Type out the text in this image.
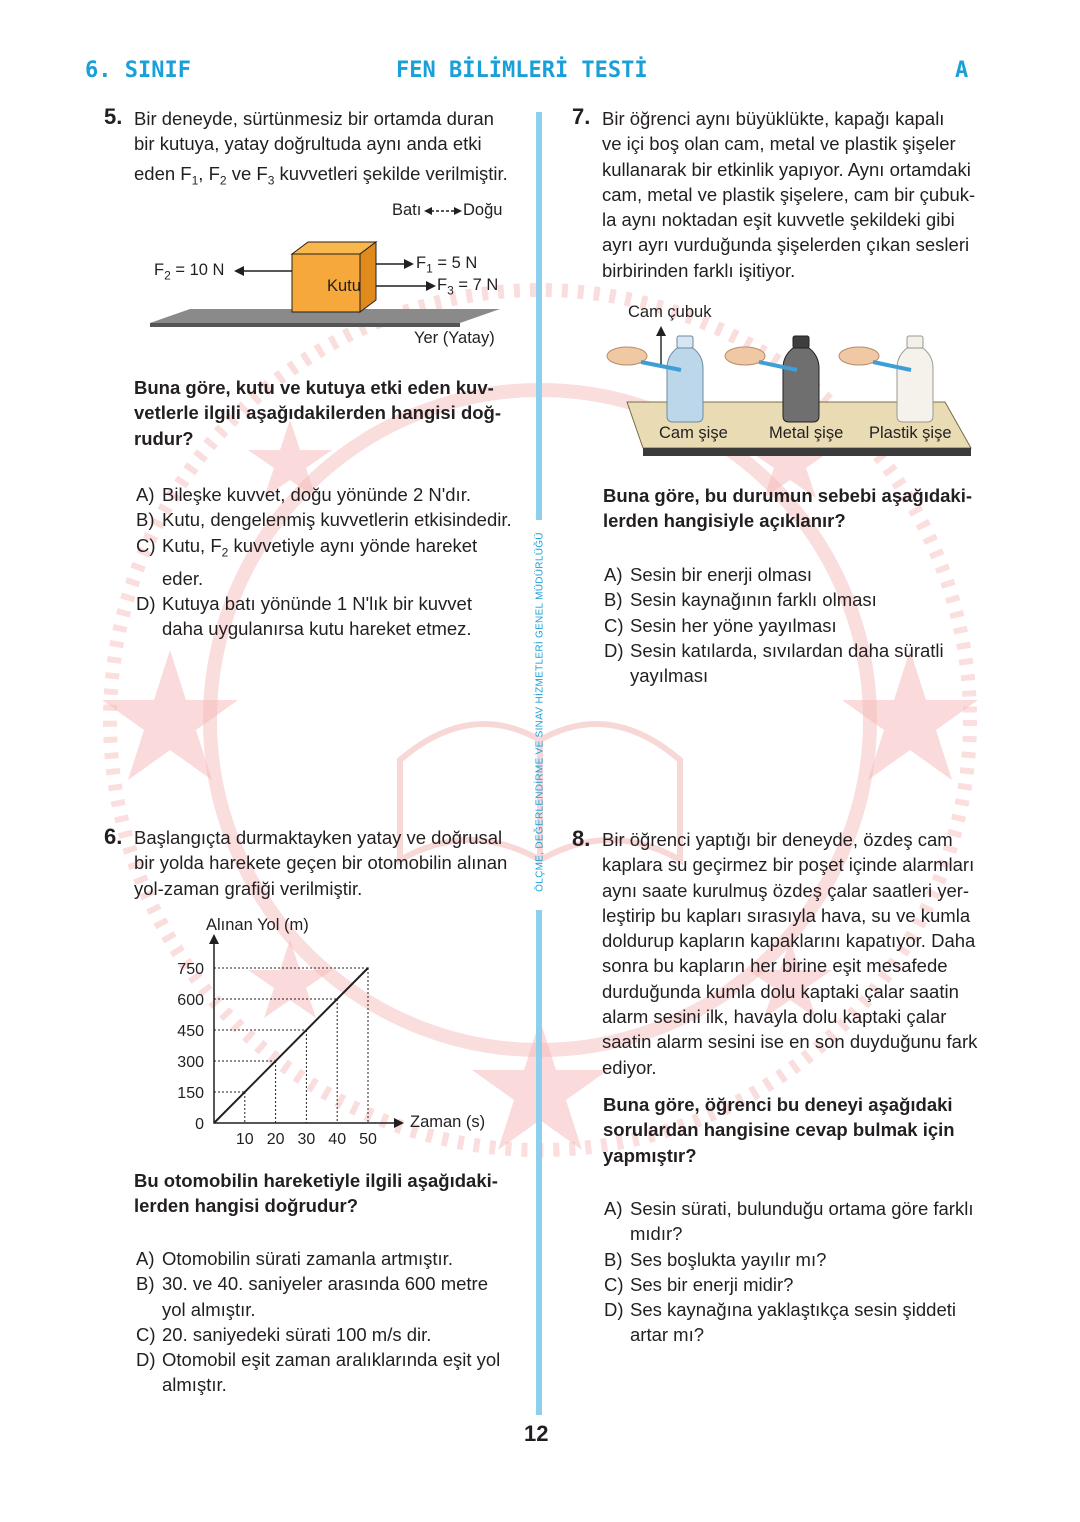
6. SINIF	FEN BİLİMLERİ TESTİ	A
ÖLÇME, DEĞERLENDİRME VE SINAV HİZMETLERİ GENEL MÜDÜRLÜĞÜ
5. Bir deneyde, sürtünmesiz bir ortamda duran
bir kutuya, yatay doğrultuda aynı anda etki
eden $F_1$, $F_2$ ve $F_3$ kuvvetleri şekilde verilmiştir.
Batı	Doğu
Kutu
$F_2 = 10$ N	$F_1 = 5$ N
$F_3 = 7$ N
Yer (Yatay)
Buna göre, kutu ve kutuya etki eden kuv-
vetlerle ilgili aşağıdakilerden hangisi doğ-
rudur?
A) Bileşke kuvvet, doğu yönünde 2 N'dır.
B) Kutu, dengelenmiş kuvvetlerin etkisindedir.
C) Kutu, $F_2$ kuvvetiyle aynı yönde hareket
eder.
D) Kutuya batı yönünde 1 N'lık bir kuvvet
daha uygulanırsa kutu hareket etmez.
6. Başlangıçta durmaktayken yatay ve doğrusal
bir yolda harekete geçen bir otomobilin alınan
yol-zaman grafiği verilmiştir.
10 20 30 40 50
0
150
300
450
600
750
Alınan Yol (m)
Zaman (s)
Bu otomobilin hareketiyle ilgili aşağıdaki-
lerden hangisi doğrudur?
A) Otomobilin sürati zamanla artmıştır.
B) 30. ve 40. saniyeler arasında 600 metre
yol almıştır.
C) 20. saniyedeki sürati 100 m/s dir.
D) Otomobil eşit zaman aralıklarında eşit yol
almıştır.
7. Bir öğrenci aynı büyüklükte, kapağı kapalı
ve içi boş olan cam, metal ve plastik şişeler
kullanarak bir etkinlik yapıyor. Aynı ortamdaki
cam, metal ve plastik şişelere, cam bir çubuk-
la aynı noktadan eşit kuvvetle şekildeki gibi
ayrı ayrı vurduğunda şişelerden çıkan sesleri
birbirinden farklı işitiyor.
Cam çubuk
Cam şişe Metal şişe Plastik şişe
Buna göre, bu durumun sebebi aşağıdaki-
lerden hangisiyle açıklanır?
A) Sesin bir enerji olması
B) Sesin kaynağının farklı olması
C) Sesin her yöne yayılması
D) Sesin katılarda, sıvılardan daha süratli
yayılması
8. Bir öğrenci yaptığı bir deneyde, özdeş cam
kaplara su geçirmez bir poşet içinde alarmları
aynı saate kurulmuş özdeş çalar saatleri yer-
leştirip bu kapları sırasıyla hava, su ve kumla
doldurup kapların kapaklarını kapatıyor. Daha
sonra bu kapların her birine eşit mesafede
durduğunda kumla dolu kaptaki çalar saatin
alarm sesini ilk, havayla dolu kaptaki çalar
saatin alarm sesini ise en son duyduğunu fark
ediyor.
Buna göre, öğrenci bu deneyi aşağıdaki
sorulardan hangisine cevap bulmak için
yapmıştır?
A) Sesin sürati, bulunduğu ortama göre farklı
mıdır?
B) Ses boşlukta yayılır mı?
C) Ses bir enerji midir?
D) Ses kaynağına yaklaştıkça sesin şiddeti
artar mı?
12
